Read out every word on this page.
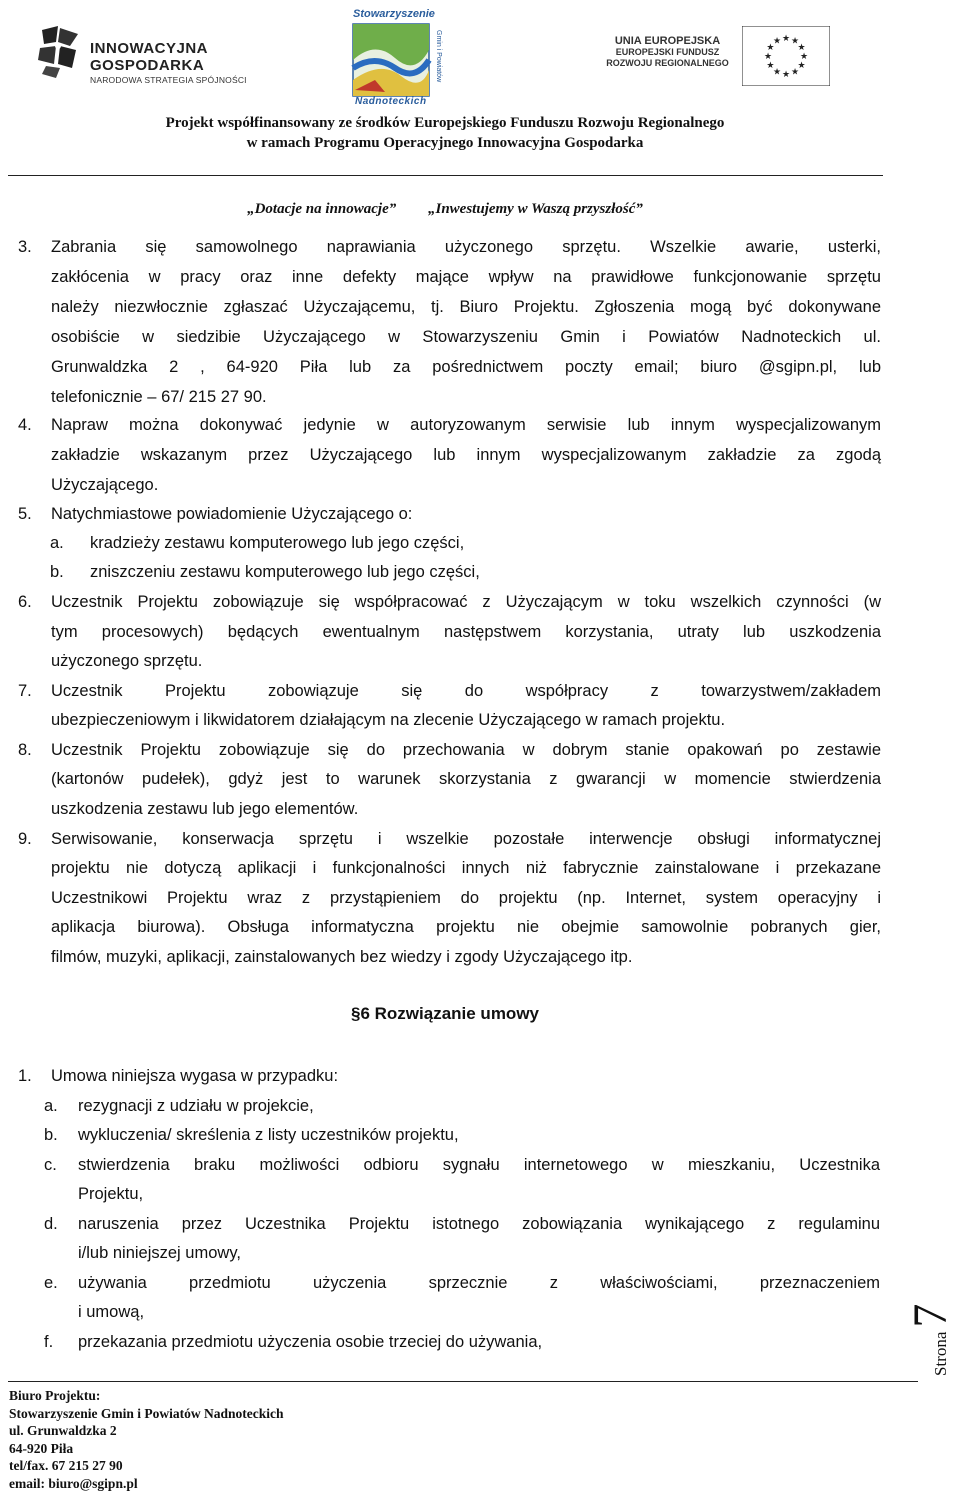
INNOWACYJNA
GOSPODARKA
NARODOWA STRATEGIA SPÓJNOŚCI
Stowarzyszenie
Gmin i Powiatów
Nadnoteckich
UNIA EUROPEJSKA
EUROPEJSKI FUNDUSZ
ROZWOJU REGIONALNEGO
★
★
★
★
★
★
★
★
★ ★ ★
★
Projekt współfinansowany ze środków Europejskiego Funduszu Rozwoju Regionalnego
w ramach Programu Operacyjnego Innowacyjna Gospodarka
„Dotacje na innowacje” „Inwestujemy w Waszą przyszłość”
3. Zabrania się samowolnego naprawiania użyczonego sprzętu. Wszelkie awarie, usterki,
zakłócenia w pracy oraz inne defekty mające wpływ na prawidłowe funkcjonowanie sprzętu
należy niezwłocznie zgłaszać Użyczającemu, tj. Biuro Projektu. Zgłoszenia mogą być dokonywane
osobiście w siedzibie Użyczającego w Stowarzyszeniu Gmin i Powiatów Nadnoteckich ul.
Grunwaldzka 2 , 64-920 Piła lub za pośrednictwem poczty email; biuro @sgipn.pl, lub
telefonicznie – 67/ 215 27 90.
4. Napraw można dokonywać jedynie w autoryzowanym serwisie lub innym wyspecjalizowanym
zakładzie wskazanym przez Użyczającego lub innym wyspecjalizowanym zakładzie za zgodą
Użyczającego.
5. Natychmiastowe powiadomienie Użyczającego o:
a. kradzieży zestawu komputerowego lub jego części,
b. zniszczeniu zestawu komputerowego lub jego części,
6. Uczestnik Projektu zobowiązuje się współpracować z Użyczającym w toku wszelkich czynności (w
tym procesowych) będących ewentualnym następstwem korzystania, utraty lub uszkodzenia
użyczonego sprzętu.
7. Uczestnik Projektu zobowiązuje się do współpracy z towarzystwem/zakładem
ubezpieczeniowym i likwidatorem działającym na zlecenie Użyczającego w ramach projektu.
8. Uczestnik Projektu zobowiązuje się do przechowania w dobrym stanie opakowań po zestawie
(kartonów pudełek), gdyż jest to warunek skorzystania z gwarancji w momencie stwierdzenia
uszkodzenia zestawu lub jego elementów.
9. Serwisowanie, konserwacja sprzętu i wszelkie pozostałe interwencje obsługi informatycznej
projektu nie dotyczą aplikacji i funkcjonalności innych niż fabrycznie zainstalowane i przekazane
Uczestnikowi Projektu wraz z przystąpieniem do projektu (np. Internet, system operacyjny i
aplikacja biurowa). Obsługa informatyczna projektu nie obejmie samowolnie pobranych gier,
filmów, muzyki, aplikacji, zainstalowanych bez wiedzy i zgody Użyczającego itp.
§6 Rozwiązanie umowy
1. Umowa niniejsza wygasa w przypadku:
a. rezygnacji z udziału w projekcie,
b. wykluczenia/ skreślenia z listy uczestników projektu,
c. stwierdzenia braku możliwości odbioru sygnału internetowego w mieszkaniu, Uczestnika
Projektu,
d. naruszenia przez Uczestnika Projektu istotnego zobowiązania wynikającego z regulaminu
i/lub niniejszej umowy,
e. używania przedmiotu użyczenia sprzecznie z właściwościami, przeznaczeniem
i umową,
f. przekazania przedmiotu użyczenia osobie trzeciej do używania,
Biuro Projektu:
Stowarzyszenie Gmin i Powiatów Nadnoteckich
ul. Grunwaldzka 2
64-920 Piła
tel/fax. 67 215 27 90
email: biuro@sgipn.pl
Strona 7
